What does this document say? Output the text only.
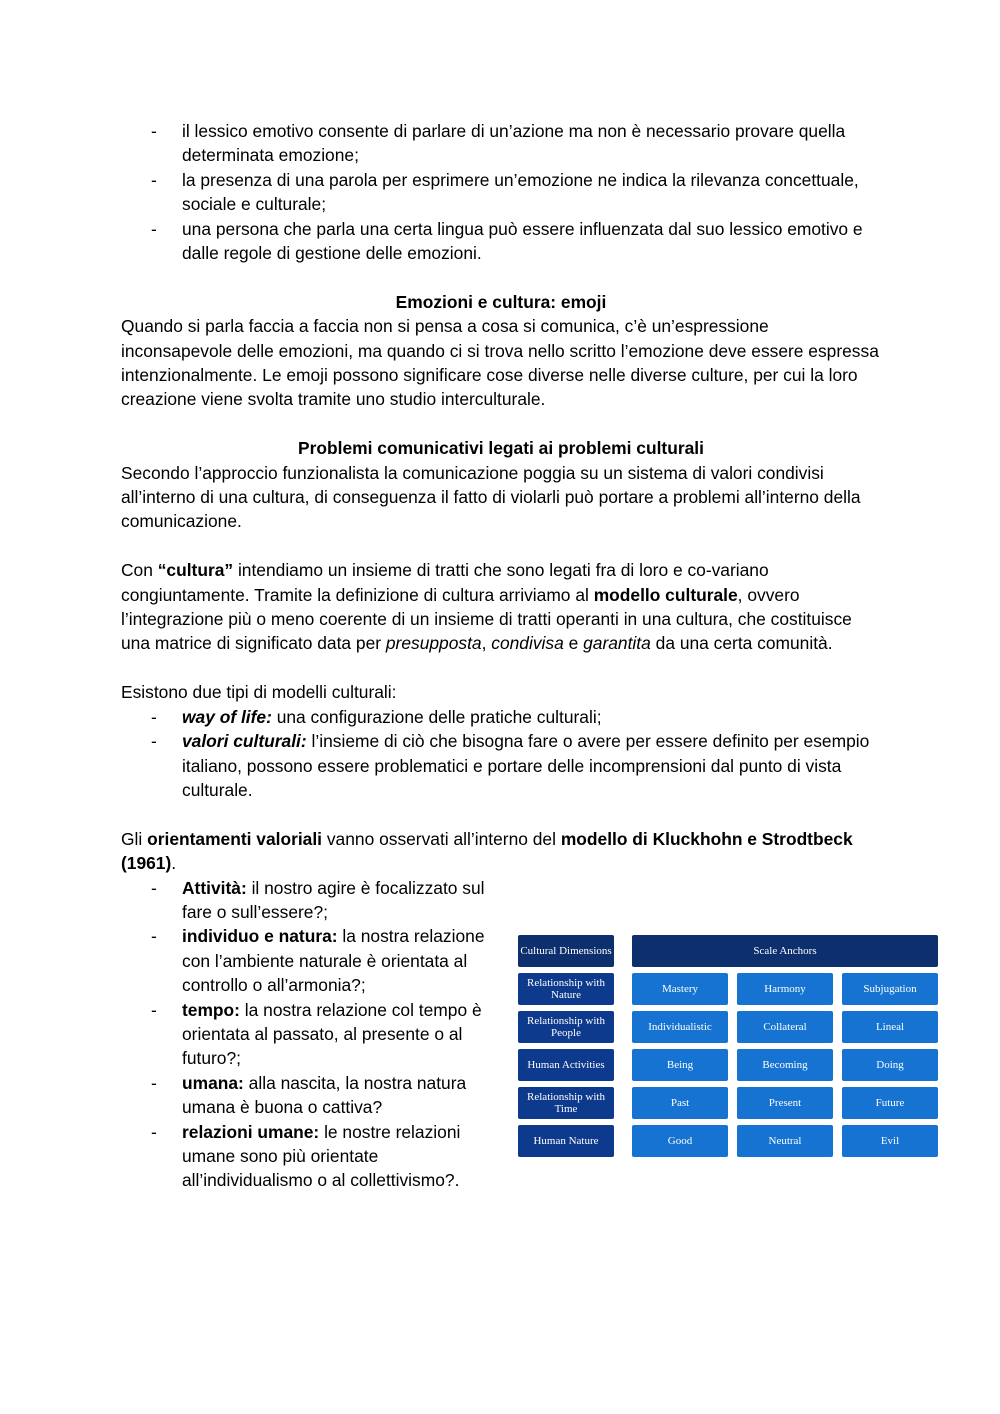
- il lessico emotivo consente di parlare di un’azione ma non è necessario provare quella determinata emozione;
- la presenza di una parola per esprimere un’emozione ne indica la rilevanza concettuale, sociale e culturale;
- una persona che parla una certa lingua può essere influenzata dal suo lessico emotivo e dalle regole di gestione delle emozioni.

Emozioni e cultura: emoji

Quando si parla faccia a faccia non si pensa a cosa si comunica, c’è un’espressione inconsapevole delle emozioni, ma quando ci si trova nello scritto l’emozione deve essere espressa intenzionalmente. Le emoji possono significare cose diverse nelle diverse culture, per cui la loro creazione viene svolta tramite uno studio interculturale.

Problemi comunicativi legati ai problemi culturali

Secondo l’approccio funzionalista la comunicazione poggia su un sistema di valori condivisi all’interno di una cultura, di conseguenza il fatto di violarli può portare a problemi all’interno della comunicazione.

Con “cultura” intendiamo un insieme di tratti che sono legati fra di loro e co-variano congiuntamente. Tramite la definizione di cultura arriviamo al modello culturale, ovvero l’integrazione più o meno coerente di un insieme di tratti operanti in una cultura, che costituisce una matrice di significato data per presupposta, condivisa e garantita da una certa comunità.

Esistono due tipi di modelli culturali:

- way of life: una configurazione delle pratiche culturali;
- valori culturali: l’insieme di ciò che bisogna fare o avere per essere definito per esempio italiano, possono essere problematici e portare delle incomprensioni dal punto di vista culturale.

Gli orientamenti valoriali vanno osservati all’interno del modello di Kluckhohn e Strodtbeck (1961).

- Attività: il nostro agire è focalizzato sul fare o sull’essere?;
- individuo e natura: la nostra relazione con l’ambiente naturale è orientata al controllo o all’armonia?;
- tempo: la nostra relazione col tempo è orientata al passato, al presente o al futuro?;
- umana: alla nascita, la nostra natura umana è buona o cattiva?
- relazioni umane: le nostre relazioni umane sono più orientate all’individualismo o al collettivismo?.
Cultural Dimensions	Scale Anchors
Relationship with Nature	Mastery	Harmony	Subjugation
Relationship with People	Individualistic	Collateral	Lineal
Human Activities	Being	Becoming	Doing
Relationship with Time	Past	Present	Future
Human Nature	Good	Neutral	Evil
